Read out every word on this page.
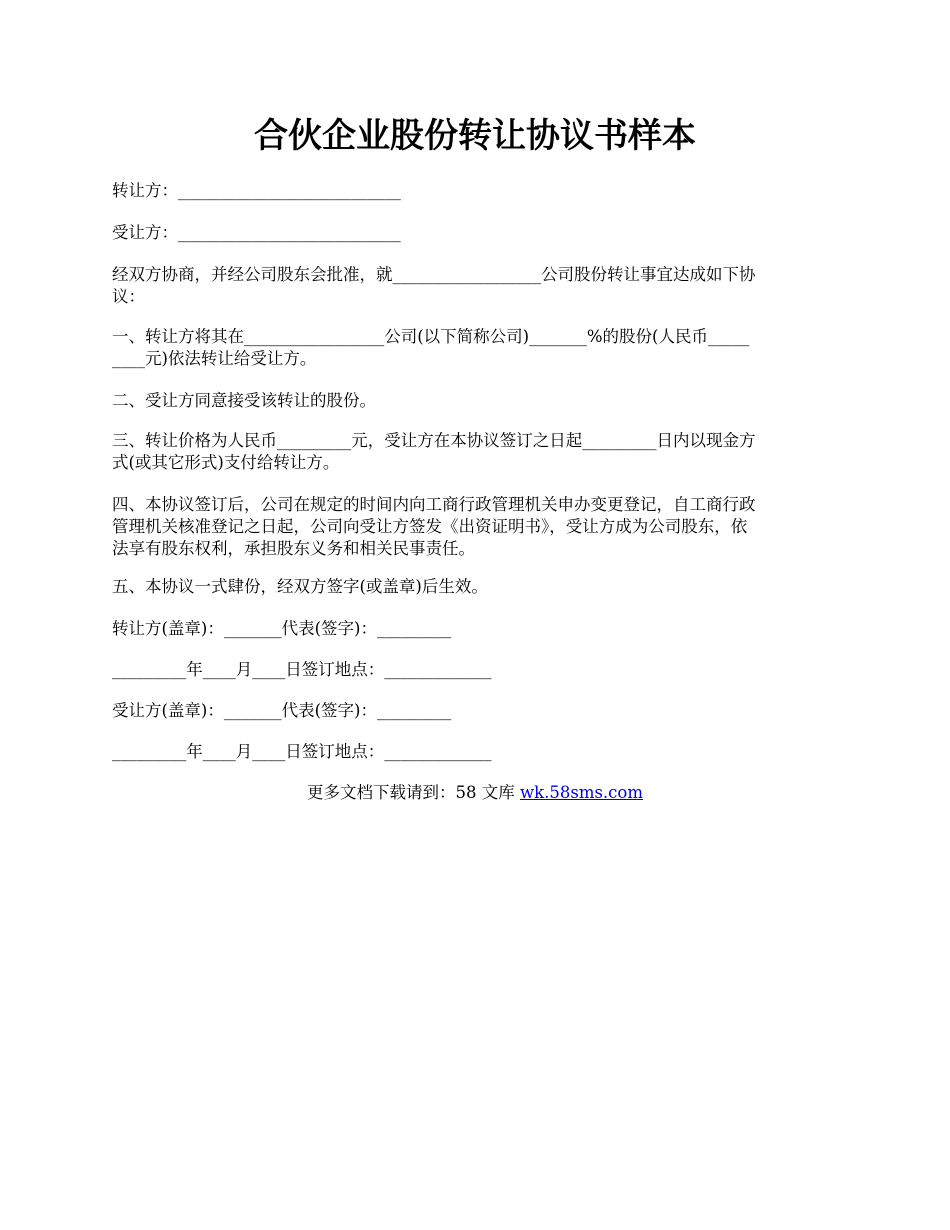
合伙企业股份转让协议书样本
转让方：___________________________
受让方：___________________________
经双方协商，并经公司股东会批准，就__________________公司股份转让事宜达成如下协
议：
一、转让方将其在_________________公司(以下简称公司)_______%的股份(人民币_____
____元)依法转让给受让方。
二、受让方同意接受该转让的股份。
三、转让价格为人民币_________元，受让方在本协议签订之日起_________日内以现金方
式(或其它形式)支付给转让方。
四、本协议签订后，公司在规定的时间内向工商行政管理机关申办变更登记，自工商行政
管理机关核准登记之日起，公司向受让方签发《出资证明书》，受让方成为公司股东，依
法享有股东权利，承担股东义务和相关民事责任。
五、本协议一式肆份，经双方签字(或盖章)后生效。
转让方(盖章)：_______代表(签字)：_________
_________年____月____日签订地点：_____________
受让方(盖章)：_______代表(签字)：_________
_________年____月____日签订地点：_____________
更多文档下载请到：58 文库 wk.58sms.com
